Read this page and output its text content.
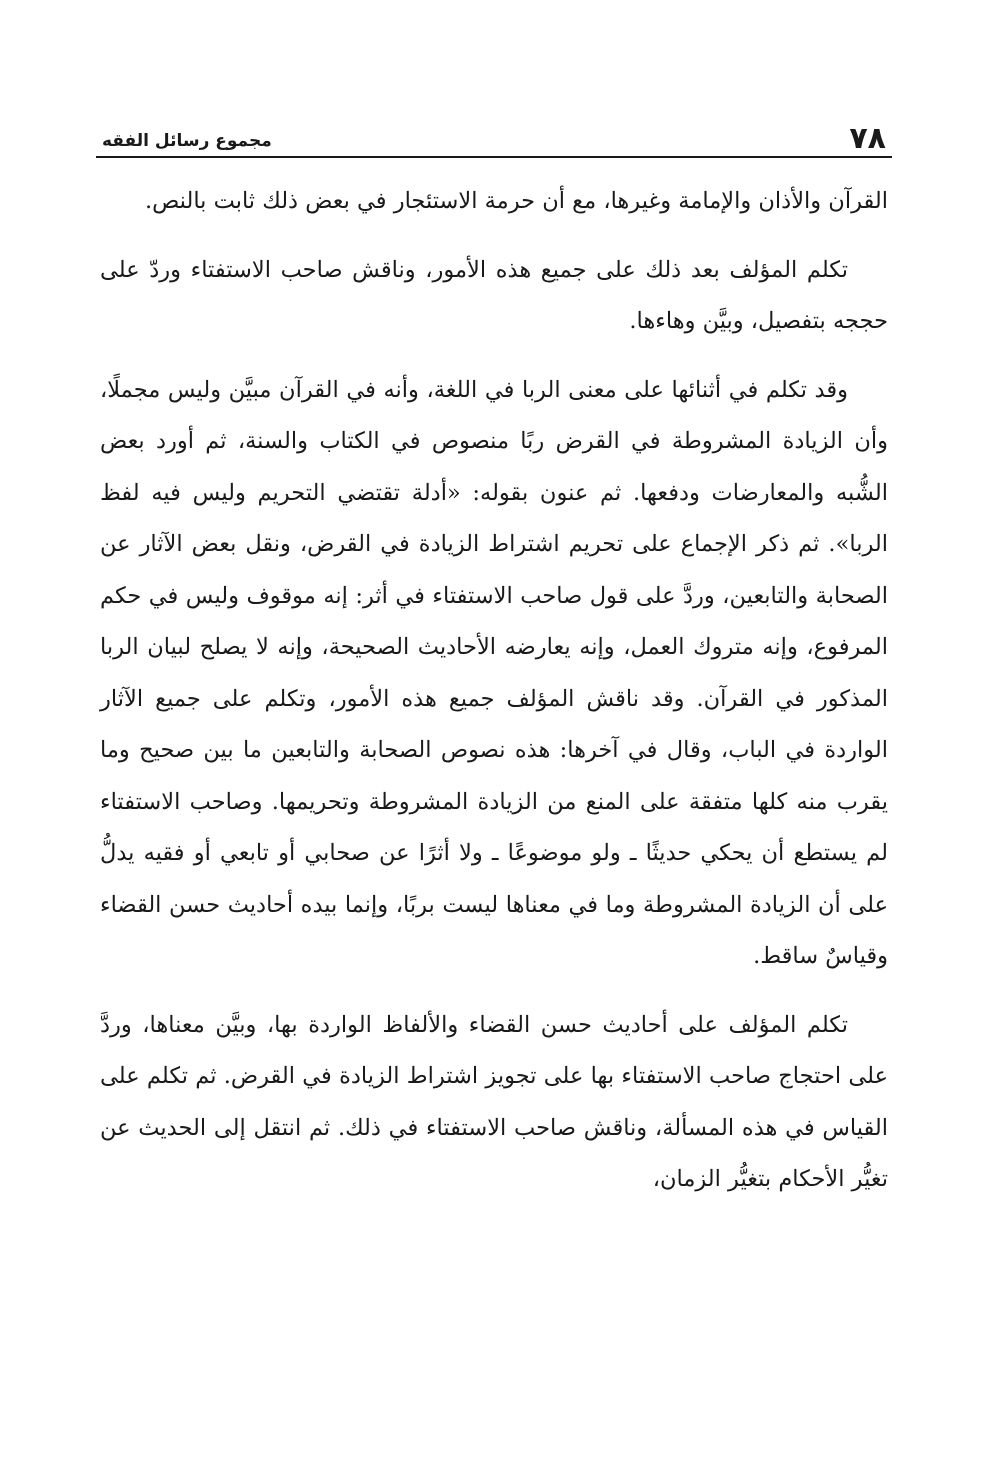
٧٨
مجموع رسائل الفقه

القرآن والأذان والإمامة وغيرها، مع أن حرمة الاستئجار في بعض ذلك ثابت بالنص.

تكلم المؤلف بعد ذلك على جميع هذه الأمور، وناقش صاحب الاستفتاء وردّ على حججه بتفصيل، وبيَّن وهاءها.

وقد تكلم في أثنائها على معنى الربا في اللغة، وأنه في القرآن مبيَّن وليس مجملًا، وأن الزيادة المشروطة في القرض ربًا منصوص في الكتاب والسنة، ثم أورد بعض الشُّبه والمعارضات ودفعها. ثم عنون بقوله: «أدلة تقتضي التحريم وليس فيه لفظ الربا». ثم ذكر الإجماع على تحريم اشتراط الزيادة في القرض، ونقل بعض الآثار عن الصحابة والتابعين، وردَّ على قول صاحب الاستفتاء في أثر: إنه موقوف وليس في حكم المرفوع، وإنه متروك العمل، وإنه يعارضه الأحاديث الصحيحة، وإنه لا يصلح لبيان الربا المذكور في القرآن. وقد ناقش المؤلف جميع هذه الأمور، وتكلم على جميع الآثار الواردة في الباب، وقال في آخرها: هذه نصوص الصحابة والتابعين ما بين صحيح وما يقرب منه كلها متفقة على المنع من الزيادة المشروطة وتحريمها. وصاحب الاستفتاء لم يستطع أن يحكي حديثًا ـ ولو موضوعًا ـ ولا أثرًا عن صحابي أو تابعي أو فقيه يدلُّ على أن الزيادة المشروطة وما في معناها ليست بربًا، وإنما بيده أحاديث حسن القضاء وقياسٌ ساقط.

تكلم المؤلف على أحاديث حسن القضاء والألفاظ الواردة بها، وبيَّن معناها، وردَّ على احتجاج صاحب الاستفتاء بها على تجويز اشتراط الزيادة في القرض. ثم تكلم على القياس في هذه المسألة، وناقش صاحب الاستفتاء في ذلك. ثم انتقل إلى الحديث عن تغيُّر الأحكام بتغيُّر الزمان،
